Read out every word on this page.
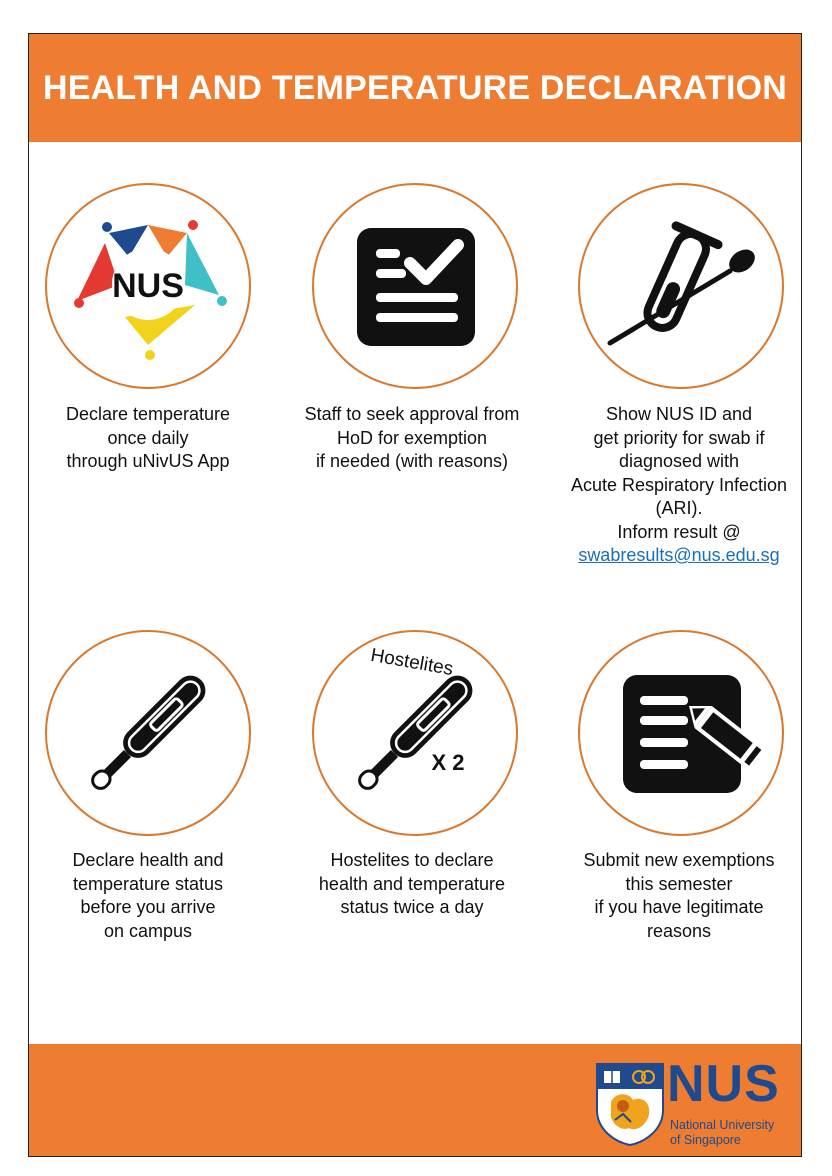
HEALTH AND TEMPERATURE DECLARATION
NUS
Declare temperature
once daily
through uNivUS App
Staff to seek approval from
HoD for exemption
if needed (with reasons)
Show NUS ID and
get priority for swab if
diagnosed with
Acute Respiratory Infection
(ARI).
Inform result @
swabresults@nus.edu.sg
Declare health and
temperature status
before you arrive
on campus
Hostelites
X 2
Hostelites to declare
health and temperature
status twice a day
Submit new exemptions
this semester
if you have legitimate
reasons
NUS
National University
of Singapore
